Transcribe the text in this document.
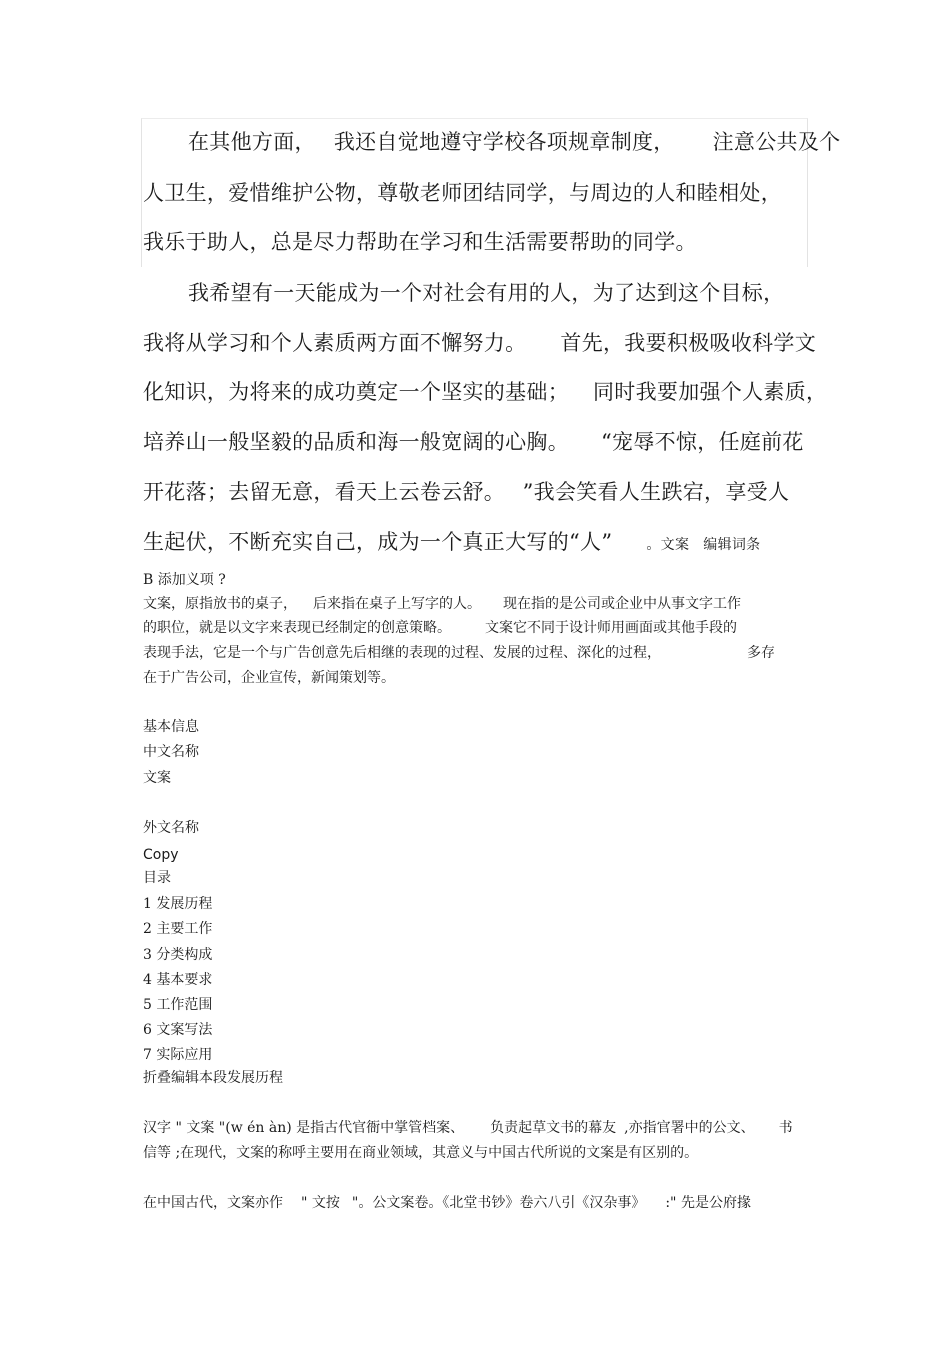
在其他方面， 我还自觉地遵守学校各项规章制度， 注意公共及个

人卫生，爱惜维护公物，尊敬老师团结同学，与周边的人和睦相处，

我乐于助人，总是尽力帮助在学习和生活需要帮助的同学。

我希望有一天能成为一个对社会有用的人，为了达到这个目标，

我将从学习和个人素质两方面不懈努力。 首先，我要积极吸收科学文

化知识，为将来的成功奠定一个坚实的基础； 同时我要加强个人素质，

培养山一般坚毅的品质和海一般宽阔的心胸。 “宠辱不惊，任庭前花

开花落；去留无意，看天上云卷云舒。 ”我会笑看人生跌宕，享受人

生起伏，不断充实自己，成为一个真正大写的“人” 。文案 编辑词条

B 添加义项 ?

文案，原指放书的桌子， 后来指在桌子上写字的人。 现在指的是公司或企业中从事文字工作

的职位，就是以文字来表现已经制定的创意策略。 文案它不同于设计师用画面或其他手段的

表现手法，它是一个与广告创意先后相继的表现的过程、发展的过程、深化的过程，	多存

在于广告公司，企业宣传，新闻策划等。

基本信息

中文名称

文案

外文名称

Copy

目录

1 发展历程

2 主要工作

3 分类构成

4 基本要求

5 工作范围

6 文案写法

7 实际应用

折叠编辑本段发展历程

汉字 " 文案 "(w én àn) 是指古代官衙中掌管档案、 负责起草文书的幕友 ,亦指官署中的公文、 书

信等 ;在现代，文案的称呼主要用在商业领域，其意义与中国古代所说的文案是有区别的。

在中国古代，文案亦作 " 文按 "。公文案卷。《北堂书钞》卷六八引《汉杂事》 :" 先是公府掾
